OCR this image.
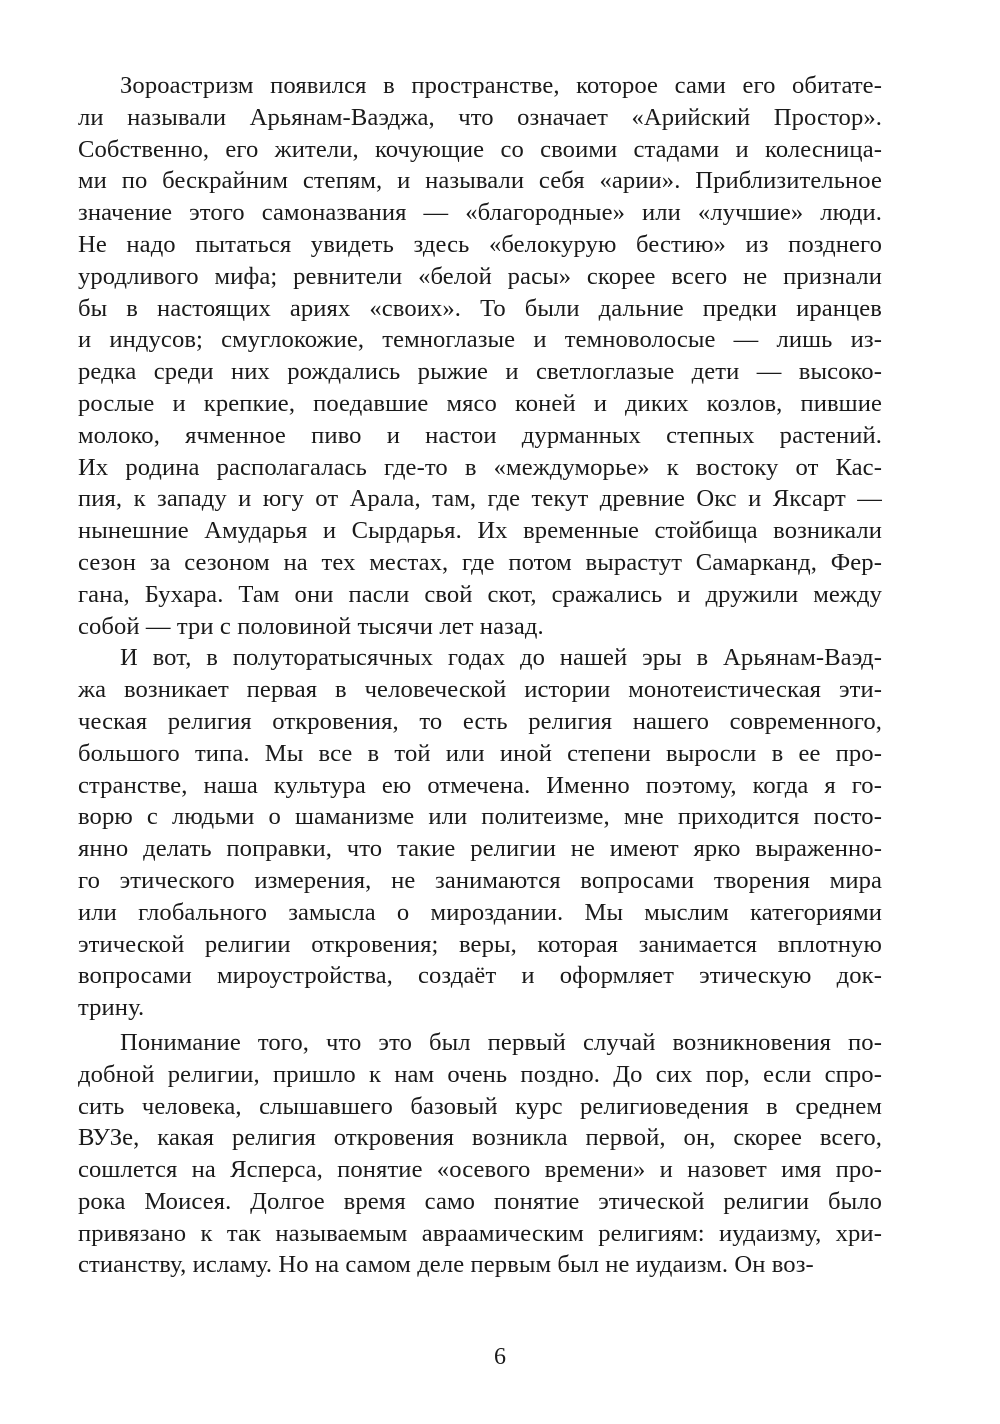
Зороастризм появился в пространстве, которое сами его обитате-
ли называли Арьянам-Ваэджа, что означает «Арийский Простор».
Собственно, его жители, кочующие со своими стадами и колесница-
ми по бескрайним степям, и называли себя «арии». Приблизительное
значение этого самоназвания — «благородные» или «лучшие» люди.
Не надо пытаться увидеть здесь «белокурую бестию» из позднего
уродливого мифа; ревнители «белой расы» скорее всего не признали
бы в настоящих ариях «своих». То были дальние предки иранцев
и индусов; смуглокожие, темноглазые и темноволосые — лишь из-
редка среди них рождались рыжие и светлоглазые дети — высоко-
рослые и крепкие, поедавшие мясо коней и диких козлов, пившие
молоко, ячменное пиво и настои дурманных степных растений.
Их родина располагалась где-то в «междуморье» к востоку от Кас-
пия, к западу и югу от Арала, там, где текут древние Окс и Яксарт —
нынешние Амударья и Сырдарья. Их временные стойбища возникали
сезон за сезоном на тех местах, где потом вырастут Самарканд, Фер-
гана, Бухара. Там они пасли свой скот, сражались и дружили между
собой — три с половиной тысячи лет назад.

И вот, в полуторатысячных годах до нашей эры в Арьянам-Ваэд-
жа возникает первая в человеческой истории монотеистическая эти-
ческая религия откровения, то есть религия нашего современного,
большого типа. Мы все в той или иной степени выросли в ее про-
странстве, наша культура ею отмечена. Именно поэтому, когда я го-
ворю с людьми о шаманизме или политеизме, мне приходится посто-
янно делать поправки, что такие религии не имеют ярко выраженно-
го этического измерения, не занимаются вопросами творения мира
или глобального замысла о мироздании. Мы мыслим категориями
этической религии откровения; веры, которая занимается вплотную
вопросами мироустройства, создаёт и оформляет этическую док-
трину.

Понимание того, что это был первый случай возникновения по-
добной религии, пришло к нам очень поздно. До сих пор, если спро-
сить человека, слышавшего базовый курс религиоведения в среднем
ВУЗе, какая религия откровения возникла первой, он, скорее всего,
сошлется на Ясперса, понятие «осевого времени» и назовет имя про-
рока Моисея. Долгое время само понятие этической религии было
привязано к так называемым авраамическим религиям: иудаизму, хри-
стианству, исламу. Но на самом деле первым был не иудаизм. Он воз-

6
